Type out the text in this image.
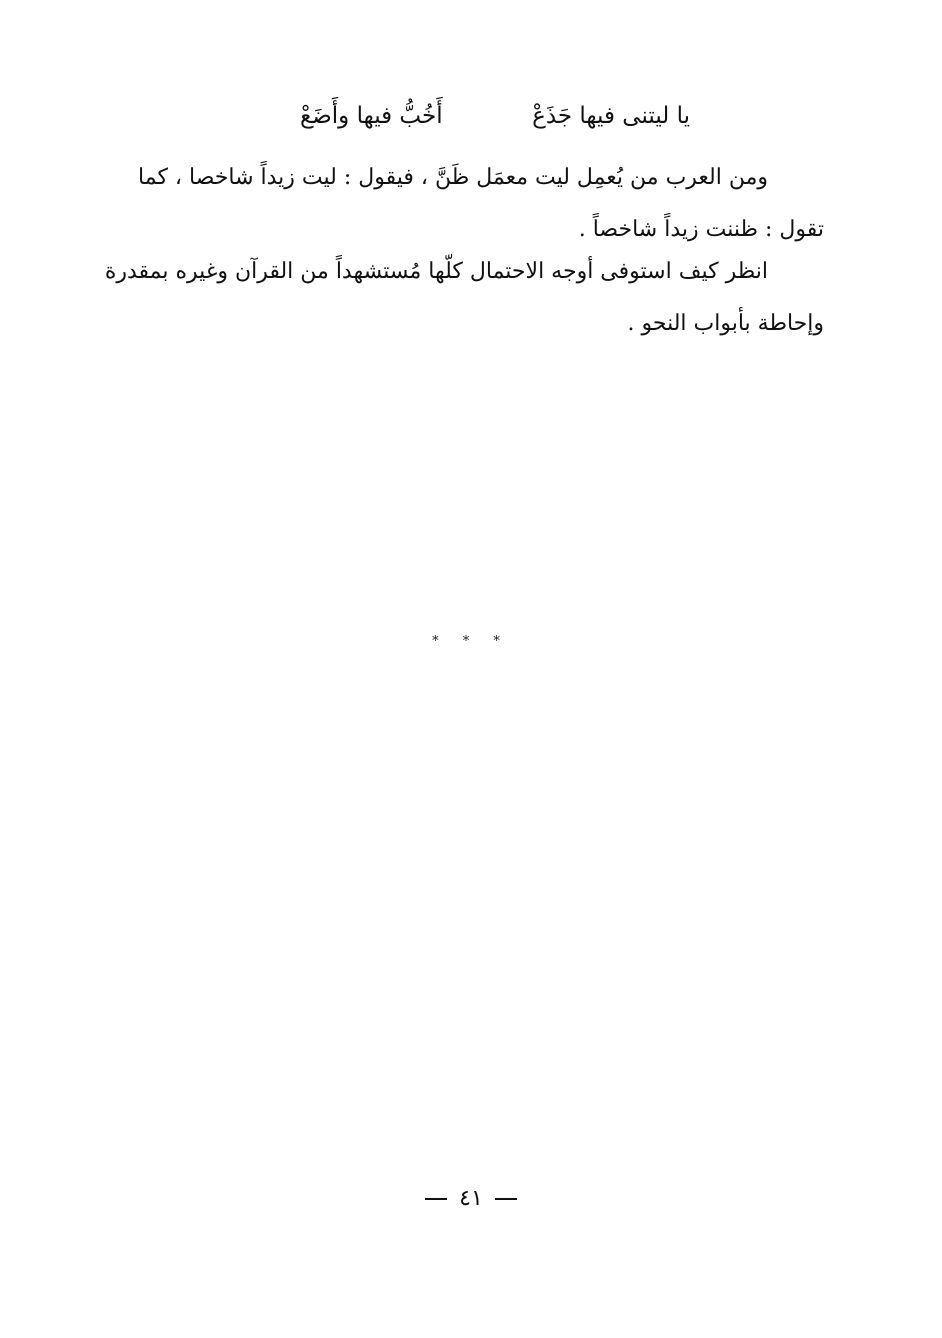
يا ليتنى فيها جَذَعْ
أَخُبُّ فيها وأَضَعْ
ومن العرب من يُعمِل ليت معمَل ظَنَّ ، فيقول : ليت زيداً شاخصا ، كما
تقول : ظننت زيداً شاخصاً .
انظر كيف استوفى أوجه الاحتمال كلّها مُستشهداً من القرآن وغيره بمقدرة
وإحاطة بأبواب النحو .
* * *
٤١
